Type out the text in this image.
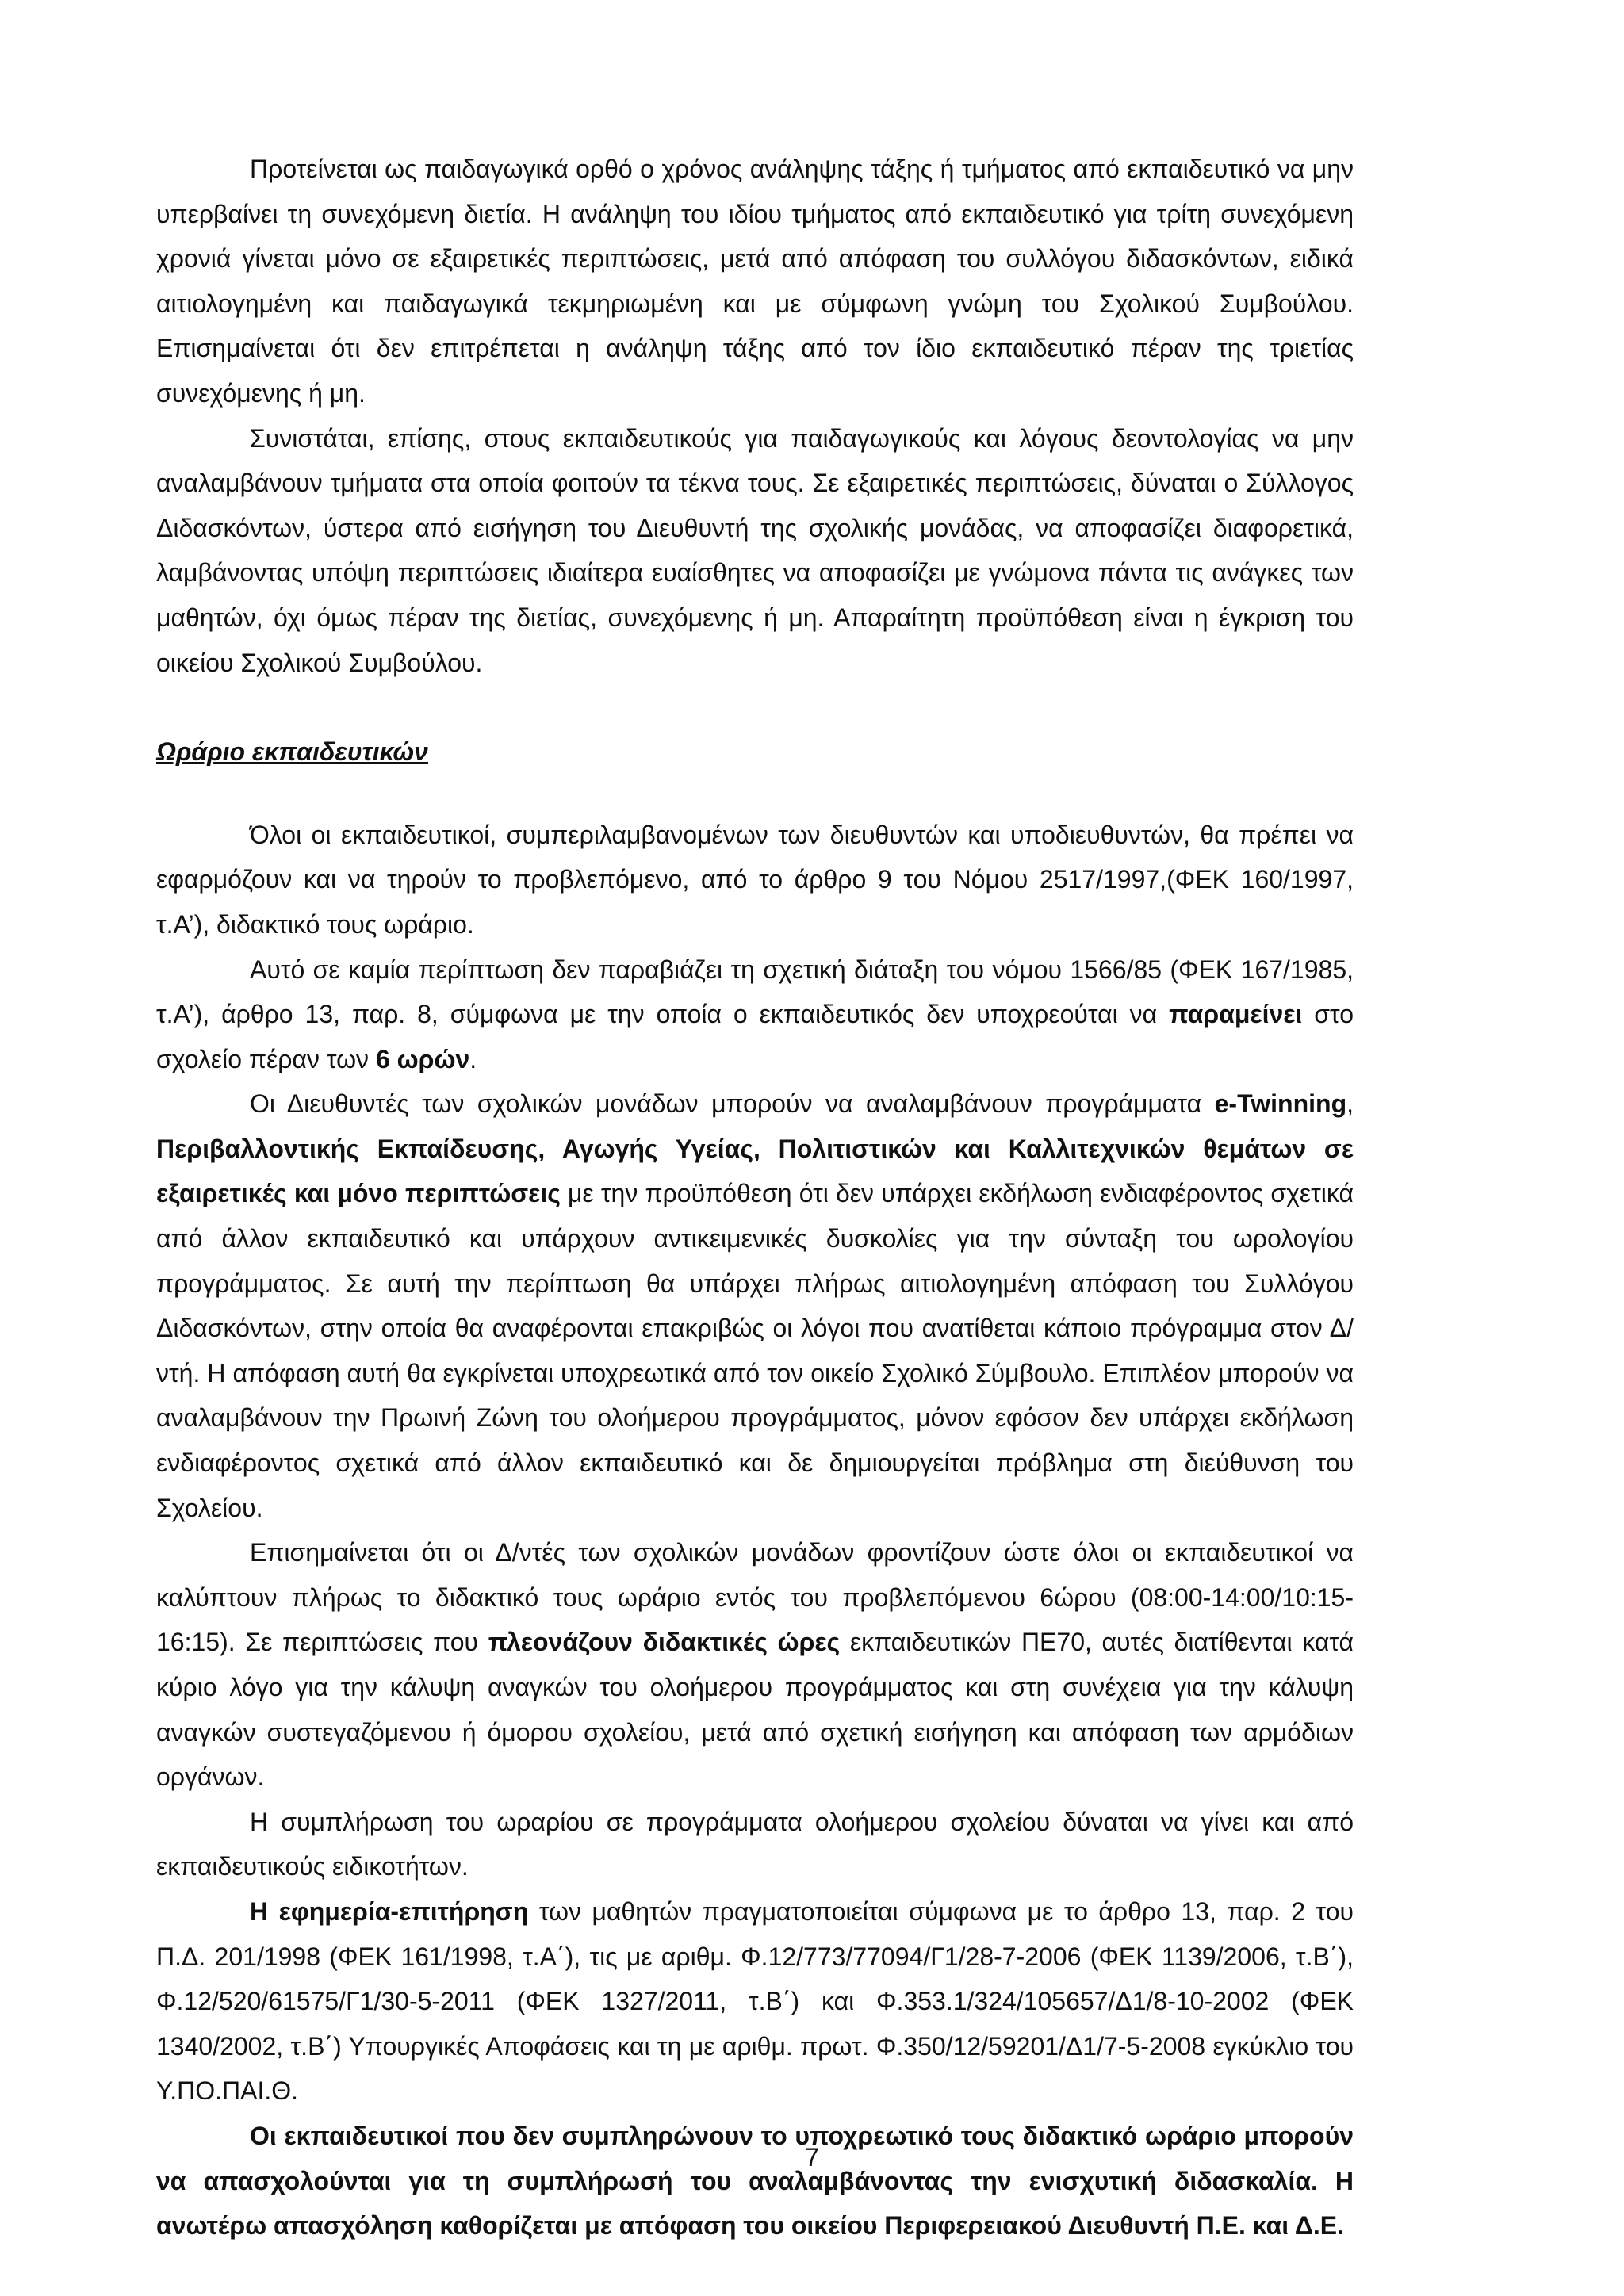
Προτείνεται ως παιδαγωγικά ορθό ο χρόνος ανάληψης τάξης ή τμήματος από εκπαιδευτικό να μην υπερβαίνει τη συνεχόμενη διετία. Η ανάληψη του ιδίου τμήματος από εκπαιδευτικό για τρίτη συνεχόμενη χρονιά γίνεται μόνο σε εξαιρετικές περιπτώσεις, μετά από απόφαση του συλλόγου διδασκόντων, ειδικά αιτιολογημένη και παιδαγωγικά τεκμηριωμένη και με σύμφωνη γνώμη του Σχολικού Συμβούλου. Επισημαίνεται ότι δεν επιτρέπεται η ανάληψη τάξης από τον ίδιο εκπαιδευτικό πέραν της τριετίας συνεχόμενης ή μη.

Συνιστάται, επίσης, στους εκπαιδευτικούς για παιδαγωγικούς και λόγους δεοντολογίας να μην αναλαμβάνουν τμήματα στα οποία φοιτούν τα τέκνα τους. Σε εξαιρετικές περιπτώσεις, δύναται ο Σύλλογος Διδασκόντων, ύστερα από εισήγηση του Διευθυντή της σχολικής μονάδας, να αποφασίζει διαφορετικά, λαμβάνοντας υπόψη περιπτώσεις ιδιαίτερα ευαίσθητες να αποφασίζει με γνώμονα πάντα τις ανάγκες των μαθητών, όχι όμως πέραν της διετίας, συνεχόμενης ή μη. Απαραίτητη προϋπόθεση είναι η έγκριση του οικείου Σχολικού Συμβούλου.

Ωράριο εκπαιδευτικών

Όλοι οι εκπαιδευτικοί, συμπεριλαμβανομένων των διευθυντών και υποδιευθυντών, θα πρέπει να εφαρμόζουν και να τηρούν το προβλεπόμενο, από το άρθρο 9 του Νόμου 2517/1997,(ΦΕΚ 160/1997, τ.Α’), διδακτικό τους ωράριο.

Αυτό σε καμία περίπτωση δεν παραβιάζει τη σχετική διάταξη του νόμου 1566/85 (ΦΕΚ 167/1985, τ.Α’), άρθρο 13, παρ. 8, σύμφωνα με την οποία ο εκπαιδευτικός δεν υποχρεούται να παραμείνει στο σχολείο πέραν των 6 ωρών.

Οι Διευθυντές των σχολικών μονάδων μπορούν να αναλαμβάνουν προγράμματα e-Twinning, Περιβαλλοντικής Εκπαίδευσης, Αγωγής Υγείας, Πολιτιστικών και Καλλιτεχνικών θεμάτων σε εξαιρετικές και μόνο περιπτώσεις με την προϋπόθεση ότι δεν υπάρχει εκδήλωση ενδιαφέροντος σχετικά από άλλον εκπαιδευτικό και υπάρχουν αντικειμενικές δυσκολίες για την σύνταξη του ωρολογίου προγράμματος. Σε αυτή την περίπτωση θα υπάρχει πλήρως αιτιολογημένη απόφαση του Συλλόγου Διδασκόντων, στην οποία θα αναφέρονται επακριβώς οι λόγοι που ανατίθεται κάποιο πρόγραμμα στον Δ/ντή. Η απόφαση αυτή θα εγκρίνεται υποχρεωτικά από τον οικείο Σχολικό Σύμβουλο. Επιπλέον μπορούν να αναλαμβάνουν την Πρωινή Ζώνη του ολοήμερου προγράμματος, μόνον εφόσον δεν υπάρχει εκδήλωση ενδιαφέροντος σχετικά από άλλον εκπαιδευτικό και δε δημιουργείται πρόβλημα στη διεύθυνση του Σχολείου.

Επισημαίνεται ότι οι Δ/ντές των σχολικών μονάδων φροντίζουν ώστε όλοι οι εκπαιδευτικοί να καλύπτουν πλήρως το διδακτικό τους ωράριο εντός του προβλεπόμενου 6ώρου (08:00-14:00/10:15-16:15). Σε περιπτώσεις που πλεονάζουν διδακτικές ώρες εκπαιδευτικών ΠΕ70, αυτές διατίθενται κατά κύριο λόγο για την κάλυψη αναγκών του ολοήμερου προγράμματος και στη συνέχεια για την κάλυψη αναγκών συστεγαζόμενου ή όμορου σχολείου, μετά από σχετική εισήγηση και απόφαση των αρμόδιων οργάνων.

Η συμπλήρωση του ωραρίου σε προγράμματα ολοήμερου σχολείου δύναται να γίνει και από εκπαιδευτικούς ειδικοτήτων.

Η εφημερία-επιτήρηση των μαθητών πραγματοποιείται σύμφωνα με το άρθρο 13, παρ. 2 του Π.Δ. 201/1998 (ΦΕΚ 161/1998, τ.Α΄), τις με αριθμ. Φ.12/773/77094/Γ1/28-7-2006 (ΦΕΚ 1139/2006, τ.Β΄), Φ.12/520/61575/Γ1/30-5-2011 (ΦΕΚ 1327/2011, τ.Β΄) και Φ.353.1/324/105657/Δ1/8-10-2002 (ΦΕΚ 1340/2002, τ.Β΄) Υπουργικές Αποφάσεις και τη με αριθμ. πρωτ. Φ.350/12/59201/Δ1/7-5-2008 εγκύκλιο του Υ.ΠΟ.ΠΑΙ.Θ.

Οι εκπαιδευτικοί που δεν συμπληρώνουν το υποχρεωτικό τους διδακτικό ωράριο μπορούν να απασχολούνται για τη συμπλήρωσή του αναλαμβάνοντας την ενισχυτική διδασκαλία. Η ανωτέρω απασχόληση καθορίζεται με απόφαση του οικείου Περιφερειακού Διευθυντή Π.Ε. και Δ.Ε.

7
